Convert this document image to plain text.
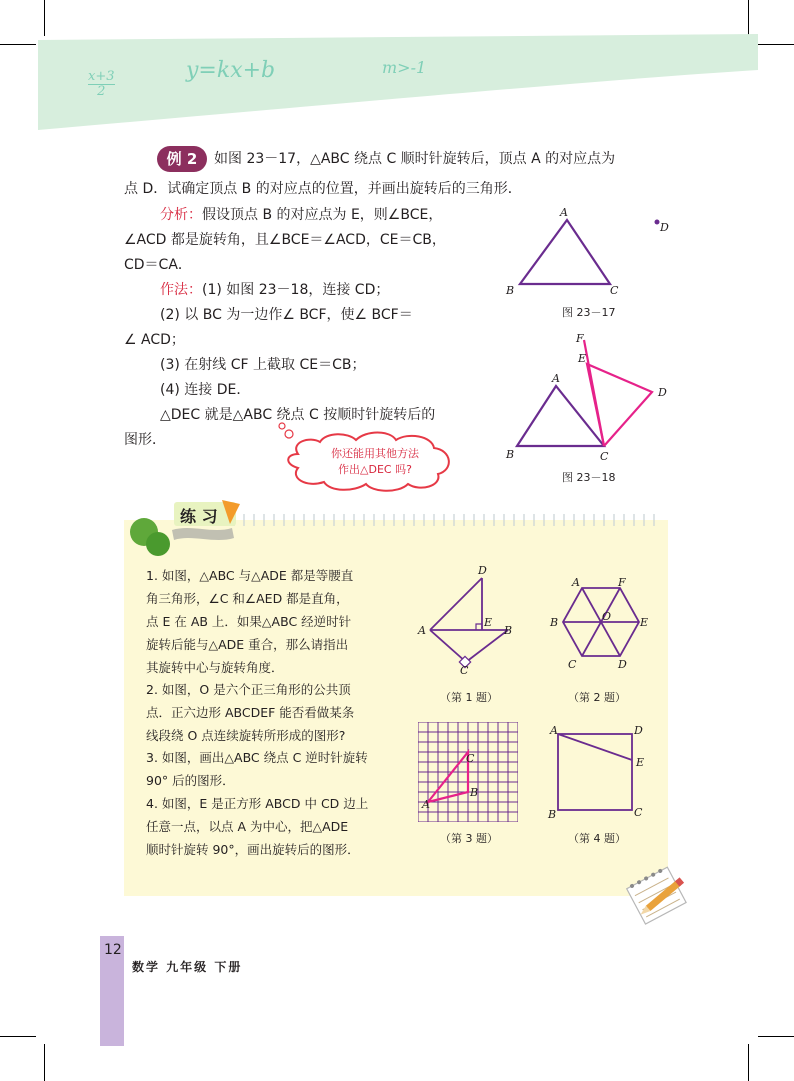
$\frac{x+3}{2}$	y=kx+b	m>-1
例 2	如图 23－17，△ABC 绕点 C 顺时针旋转后，顶点 A 的对应点为
点 D．试确定顶点 B 的对应点的位置，并画出旋转后的三角形．
分析：假设顶点 B 的对应点为 E，则∠BCE，
∠ACD 都是旋转角，且∠BCE＝∠ACD，CE＝CB，
CD＝CA．
作法：(1) 如图 23－18，连接 CD；
(2) 以 BC 为一边作∠ BCF，使∠ BCF＝
∠ ACD；
(3) 在射线 CF 上截取 CE＝CB；
(4) 连接 DE．
△DEC 就是△ABC 绕点 C 按顺时针旋转后的
图形．
你还能用其他方法
作出△DEC 吗?
A
B	C
D
图 23－17
A
B	C
D
E
F
图 23－18
练 习
1. 如图，△ABC 与△ADE 都是等腰直
角三角形，∠C 和∠AED 都是直角，
点 E 在 AB 上．如果△ABC 经逆时针
旋转后能与△ADE 重合，那么请指出
其旋转中心与旋转角度．
2. 如图，O 是六个正三角形的公共顶
点．正六边形 ABCDEF 能否看做某条
线段绕 O 点连续旋转所形成的图形?
3. 如图，画出△ABC 绕点 C 逆时针旋转
90° 后的图形．
4. 如图，E 是正方形 ABCD 中 CD 边上
任意一点，以点 A 为中心，把△ADE
顺时针旋转 90°，画出旋转后的图形．
D
A
E
B
C
（第 1 题）
A	F
B	O	E
C	D
（第 2 题）
A
B
C
（第 3 题）
A	D
E
B	C
（第 4 题）
12
数学 九年级 下册
